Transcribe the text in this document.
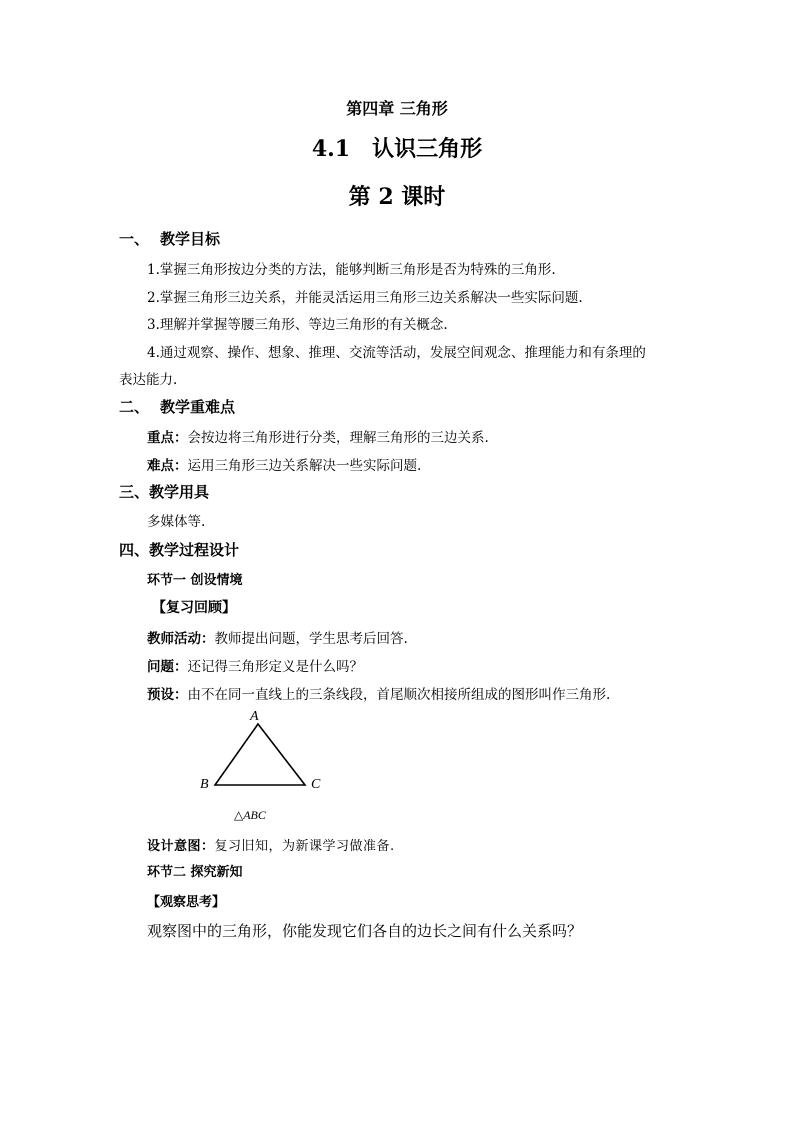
第四章 三角形
4.1 认识三角形
第 2 课时
一、 教学目标
1.掌握三角形按边分类的方法，能够判断三角形是否为特殊的三角形.
2.掌握三角形三边关系，并能灵活运用三角形三边关系解决一些实际问题.
3.理解并掌握等腰三角形、等边三角形的有关概念.
4.通过观察、操作、想象、推理、交流等活动，发展空间观念、推理能力和有条理的
表达能力.
二、 教学重难点
重点：会按边将三角形进行分类，理解三角形的三边关系.
难点：运用三角形三边关系解决一些实际问题.
三、教学用具
多媒体等.
四、教学过程设计
环节一 创设情境
【复习回顾】
教师活动：教师提出问题，学生思考后回答.
问题：还记得三角形定义是什么吗？
预设：由不在同一直线上的三条线段，首尾顺次相接所组成的图形叫作三角形.
A
B	C
△ABC
设计意图：复习旧知，为新课学习做准备.
环节二 探究新知
【观察思考】
观察图中的三角形，你能发现它们各自的边长之间有什么关系吗？
